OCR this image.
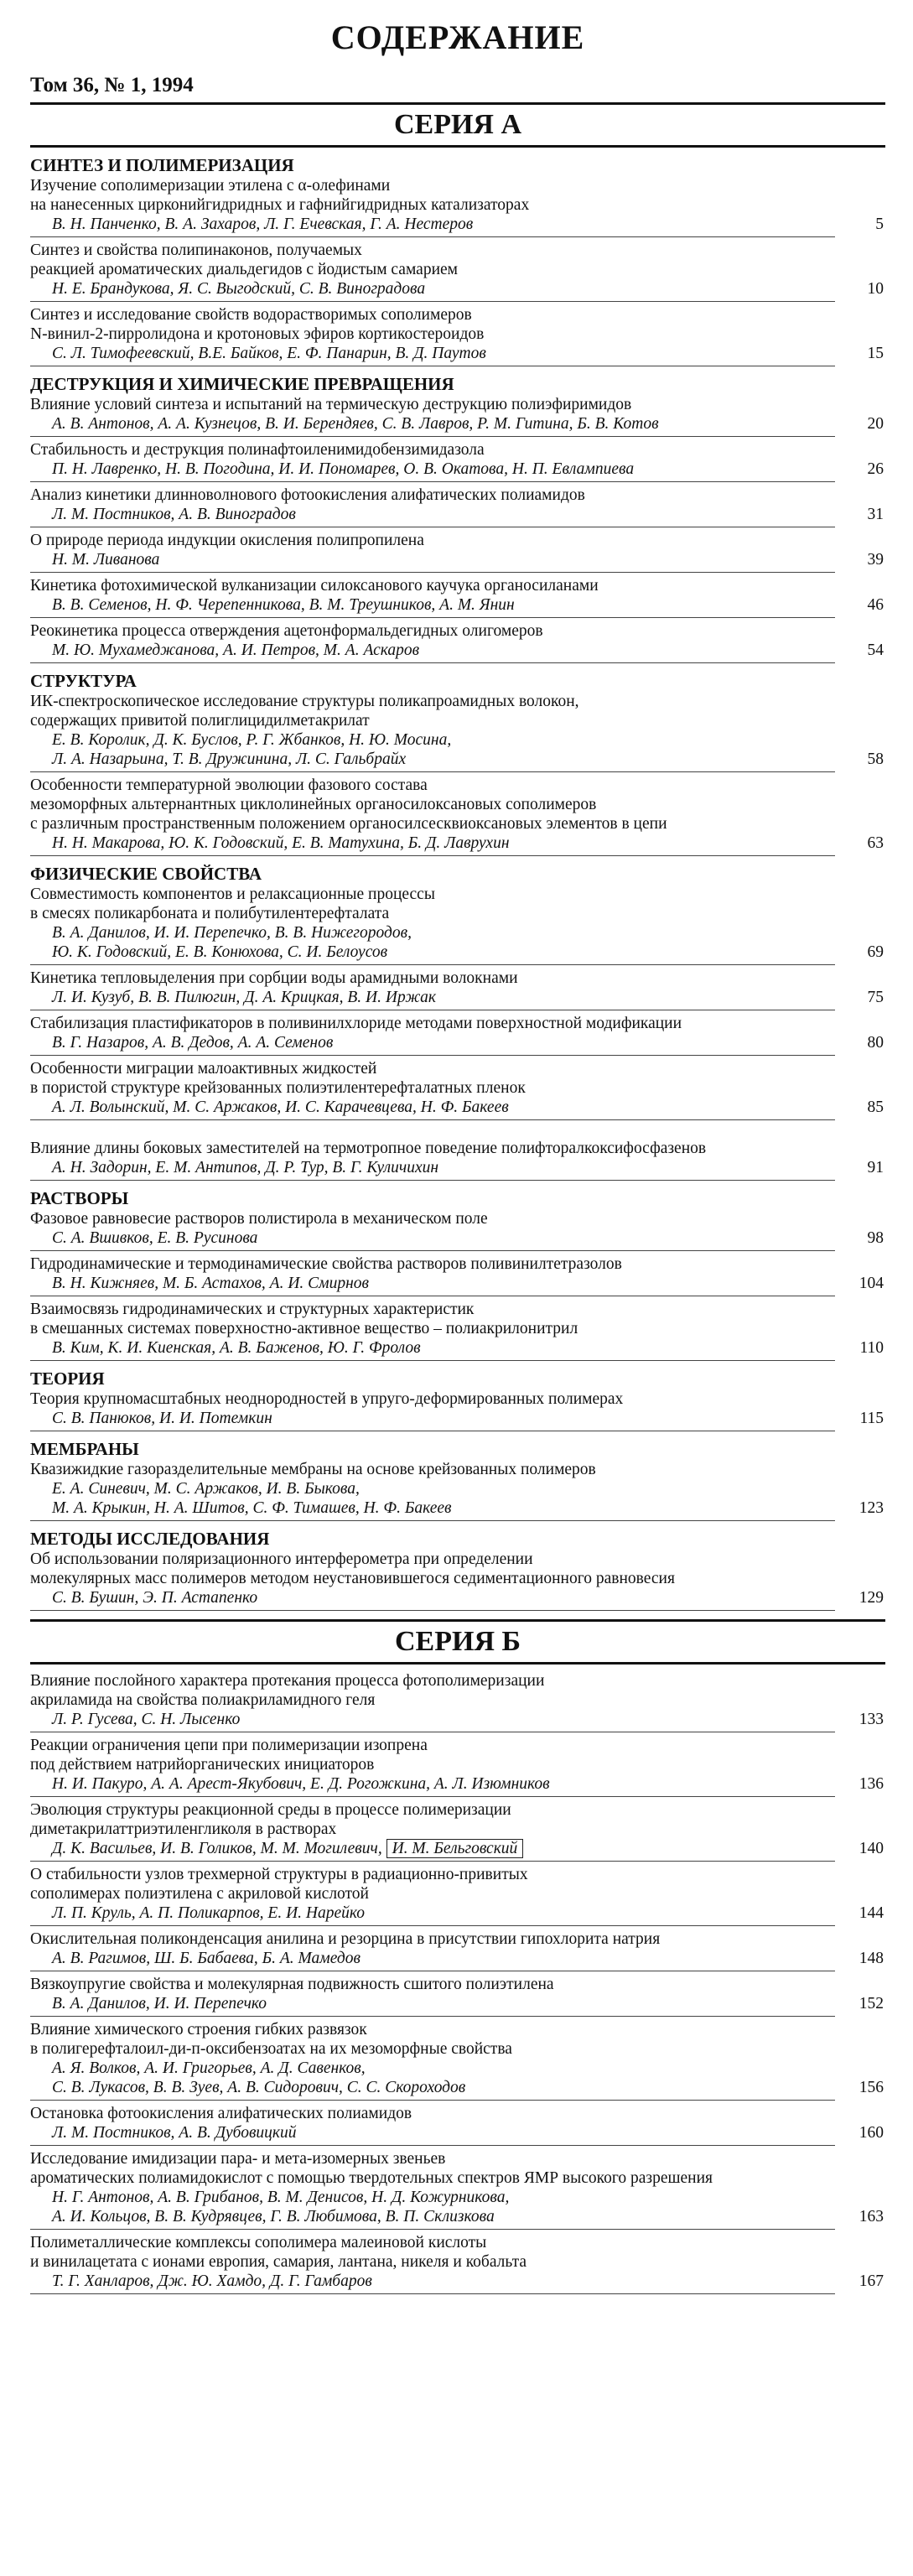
СОДЕРЖАНИЕ
Том 36, № 1, 1994
СЕРИЯ А
СИНТЕЗ И ПОЛИМЕРИЗАЦИЯ
Изучение сополимеризации этилена с α-олефинами
на нанесенных цирконийгидридных и гафнийгидридных катализаторах
В. Н. Панченко, В. А. Захаров, Л. Г. Ечевская, Г. А. Нестеров	5
Синтез и свойства полипинаконов, получаемых
реакцией ароматических диальдегидов с йодистым самарием
Н. Е. Брандукова, Я. С. Выгодский, С. В. Виноградова	10
Синтез и исследование свойств водорастворимых сополимеров
N-винил-2-пирролидона и кротоновых эфиров кортикостероидов
С. Л. Тимофеевский, В.Е. Байков, Е. Ф. Панарин, В. Д. Паутов	15
ДЕСТРУКЦИЯ И ХИМИЧЕСКИЕ ПРЕВРАЩЕНИЯ
Влияние условий синтеза и испытаний на термическую деструкцию полиэфиримидов
А. В. Антонов, А. А. Кузнецов, В. И. Берендяев, С. В. Лавров, Р. М. Гитина, Б. В. Котов	20
Стабильность и деструкция полинафтоиленимидобензимидазола
П. Н. Лавренко, Н. В. Погодина, И. И. Пономарев, О. В. Окатова, Н. П. Евлампиева	26
Анализ кинетики длинноволнового фотоокисления алифатических полиамидов
Л. М. Постников, А. В. Виноградов	31
О природе периода индукции окисления полипропилена
Н. М. Ливанова	39
Кинетика фотохимической вулканизации силоксанового каучука органосиланами
В. В. Семенов, Н. Ф. Черепенникова, В. М. Треушников, А. М. Янин	46
Реокинетика процесса отверждения ацетонформальдегидных олигомеров
М. Ю. Мухамеджанова, А. И. Петров, М. А. Аскаров	54
СТРУКТУРА
ИК-спектроскопическое исследование структуры поликапроамидных волокон,
содержащих привитой полиглицидилметакрилат
Е. В. Королик, Д. К. Буслов, Р. Г. Жбанков, Н. Ю. Мосина,
Л. А. Назарьина, Т. В. Дружинина, Л. С. Гальбрайх	58
Особенности температурной эволюции фазового состава
мезоморфных альтернантных циклолинейных органосилоксановых сополимеров
с различным пространственным положением органосилсесквиоксановых элементов в цепи
Н. Н. Макарова, Ю. К. Годовский, Е. В. Матухина, Б. Д. Лаврухин	63
ФИЗИЧЕСКИЕ СВОЙСТВА
Совместимость компонентов и релаксационные процессы
в смесях поликарбоната и полибутилентерефталата
В. А. Данилов, И. И. Перепечко, В. В. Нижегородов,
Ю. К. Годовский, Е. В. Конюхова, С. И. Белоусов	69
Кинетика тепловыделения при сорбции воды арамидными волокнами
Л. И. Кузуб, В. В. Пилюгин, Д. А. Крицкая, В. И. Иржак	75
Стабилизация пластификаторов в поливинилхлориде методами поверхностной модификации
В. Г. Назаров, А. В. Дедов, А. А. Семенов	80
Особенности миграции малоактивных жидкостей
в пористой структуре крейзованных полиэтилентерефталатных пленок
А. Л. Волынский, М. С. Аржаков, И. С. Карачевцева, Н. Ф. Бакеев	85
Влияние длины боковых заместителей на термотропное поведение полифторалкоксифосфазенов
А. Н. Задорин, Е. М. Антипов, Д. Р. Тур, В. Г. Куличихин	91
РАСТВОРЫ
Фазовое равновесие растворов полистирола в механическом поле
С. А. Вшивков, Е. В. Русинова	98
Гидродинамические и термодинамические свойства растворов поливинилтетразолов
В. Н. Кижняев, М. Б. Астахов, А. И. Смирнов	104
Взаимосвязь гидродинамических и структурных характеристик
в смешанных системах поверхностно-активное вещество – полиакрилонитрил
В. Ким, К. И. Киенская, А. В. Баженов, Ю. Г. Фролов	110
ТЕОРИЯ
Теория крупномасштабных неоднородностей в упруго-деформированных полимерах
С. В. Панюков, И. И. Потемкин	115
МЕМБРАНЫ
Квазижидкие газоразделительные мембраны на основе крейзованных полимеров
Е. А. Синевич, М. С. Аржаков, И. В. Быкова,
М. А. Крыкин, Н. А. Шитов, С. Ф. Тимашев, Н. Ф. Бакеев	123
МЕТОДЫ ИССЛЕДОВАНИЯ
Об использовании поляризационного интерферометра при определении
молекулярных масс полимеров методом неустановившегося седиментационного равновесия
С. В. Бушин, Э. П. Астапенко	129
СЕРИЯ Б
Влияние послойного характера протекания процесса фотополимеризации
акриламида на свойства полиакриламидного геля
Л. Р. Гусева, С. Н. Лысенко	133
Реакции ограничения цепи при полимеризации изопрена
под действием натрийорганических инициаторов
Н. И. Пакуро, А. А. Арест-Якубович, Е. Д. Рогожкина, А. Л. Изюмников	136
Эволюция структуры реакционной среды в процессе полимеризации
диметакрилаттриэтиленгликоля в растворах
Д. К. Васильев, И. В. Голиков, М. М. Могилевич, И. М. Бельговский	140
О стабильности узлов трехмерной структуры в радиационно-привитых
сополимерах полиэтилена с акриловой кислотой
Л. П. Круль, А. П. Поликарпов, Е. И. Нарейко	144
Окислительная поликонденсация анилина и резорцина в присутствии гипохлорита натрия
А. В. Рагимов, Ш. Б. Бабаева, Б. А. Мамедов	148
Вязкоупругие свойства и молекулярная подвижность сшитого полиэтилена
В. А. Данилов, И. И. Перепечко	152
Влияние химического строения гибких развязок
в полигерефталоил-ди-п-оксибензоатах на их мезоморфные свойства
А. Я. Волков, А. И. Григорьев, А. Д. Савенков,
С. В. Лукасов, В. В. Зуев, А. В. Сидорович, С. С. Скороходов	156
Остановка фотоокисления алифатических полиамидов
Л. М. Постников, А. В. Дубовицкий	160
Исследование имидизации пара- и мета-изомерных звеньев
ароматических полиамидокислот с помощью твердотельных спектров ЯМР высокого разрешения
Н. Г. Антонов, А. В. Грибанов, В. М. Денисов, Н. Д. Кожурникова,
А. И. Кольцов, В. В. Кудрявцев, Г. В. Любимова, В. П. Склизкова	163
Полиметаллические комплексы сополимера малеиновой кислоты
и винилацетата с ионами европия, самария, лантана, никеля и кобальта
Т. Г. Ханларов, Дж. Ю. Хамдо, Д. Г. Гамбаров	167
